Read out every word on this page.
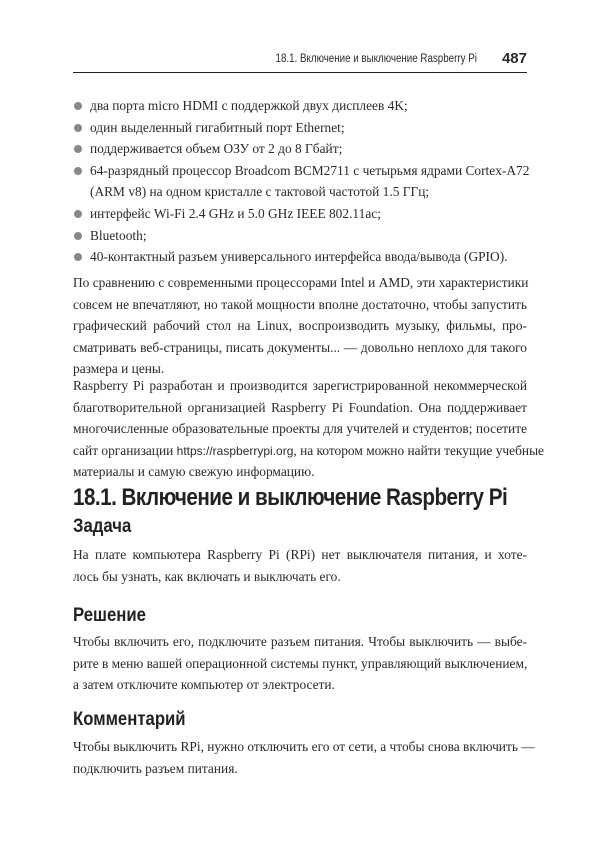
18.1. Включение и выключение Raspberry Pi 487
два порта micro HDMI с поддержкой двух дисплеев 4K;
один выделенный гигабитный порт Ethernet;
поддерживается объем ОЗУ от 2 до 8 Гбайт;
64-разрядный процессор Broadcom BCM2711 с четырьмя ядрами Cortex-A72
(ARM v8) на одном кристалле с тактовой частотой 1.5 ГГц;
интерфейс Wi-Fi 2.4 GHz и 5.0 GHz IEEE 802.11ac;
Bluetooth;
40-контактный разъем универсального интерфейса ввода/вывода (GPIO).
По сравнению с современными процессорами Intel и AMD, эти характеристики
совсем не впечатляют, но такой мощности вполне достаточно, чтобы запустить
графический рабочий стол на Linux, воспроизводить музыку, фильмы, про-
сматривать веб-страницы, писать документы... — довольно неплохо для такого
размера и цены.
Raspberry Pi разработан и производится зарегистрированной некоммерческой
благотворительной организацией Raspberry Pi Foundation. Она поддерживает
многочисленные образовательные проекты для учителей и студентов; посетите
сайт организации https://raspberrypi.org, на котором можно найти текущие учебные
материалы и самую свежую информацию.
18.1. Включение и выключение Raspberry Pi
Задача
На плате компьютера Raspberry Pi (RPi) нет выключателя питания, и хоте-
лось бы узнать, как включать и выключать его.
Решение
Чтобы включить его, подключите разъем питания. Чтобы выключить — выбе-
рите в меню вашей операционной системы пункт, управляющий выключением,
а затем отключите компьютер от электросети.
Комментарий
Чтобы выключить RPi, нужно отключить его от сети, а чтобы снова включить —
подключить разъем питания.
